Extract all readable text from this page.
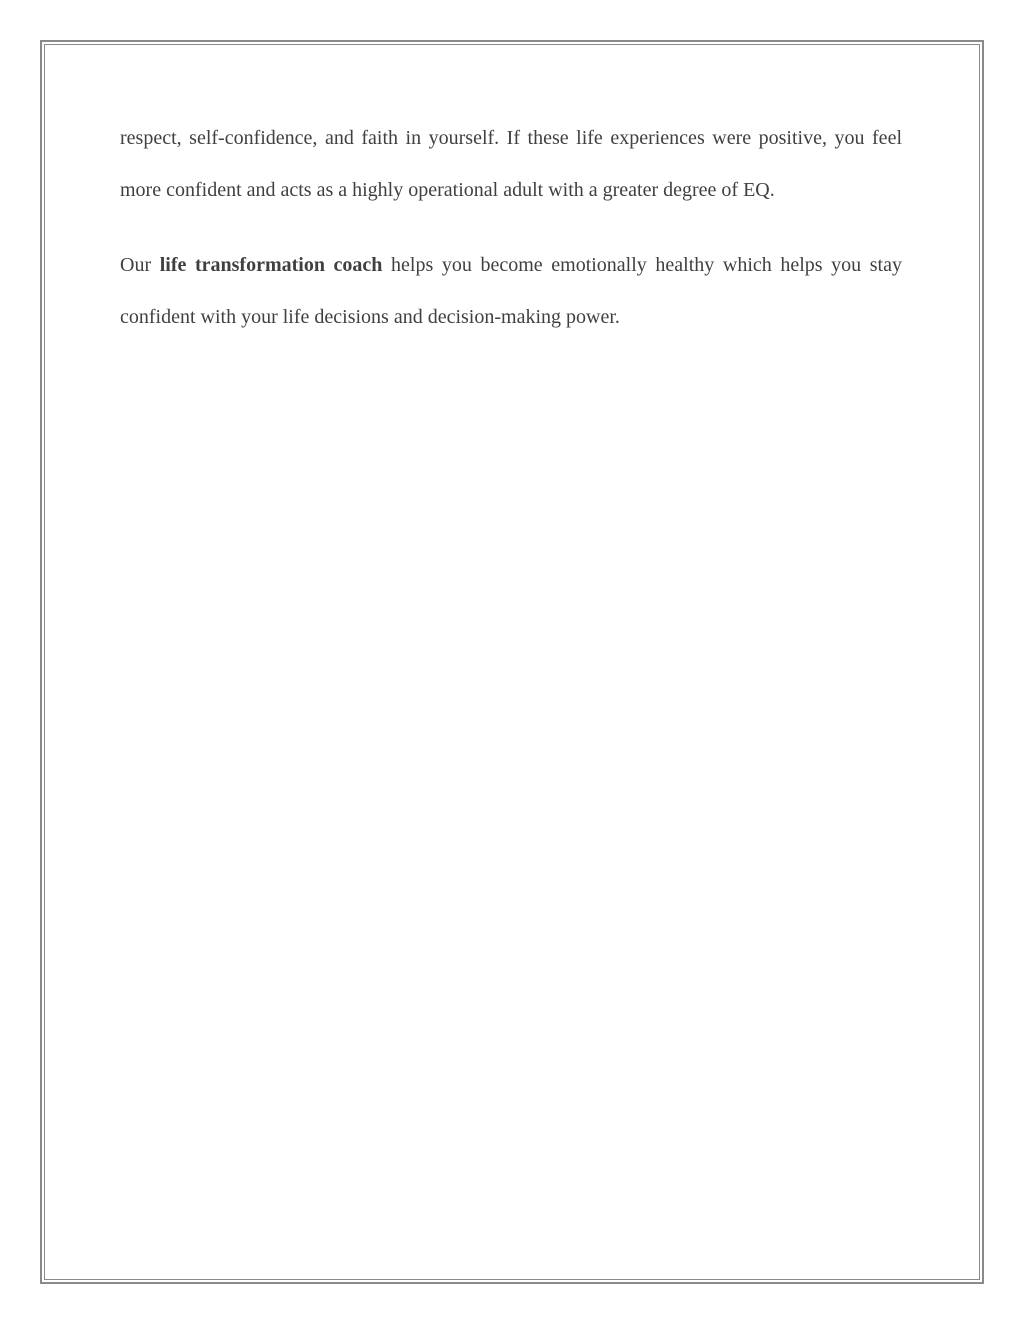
respect, self-confidence, and faith in yourself. If these life experiences were positive, you feel more confident and acts as a highly operational adult with a greater degree of EQ.

Our life transformation coach helps you become emotionally healthy which helps you stay confident with your life decisions and decision-making power.
